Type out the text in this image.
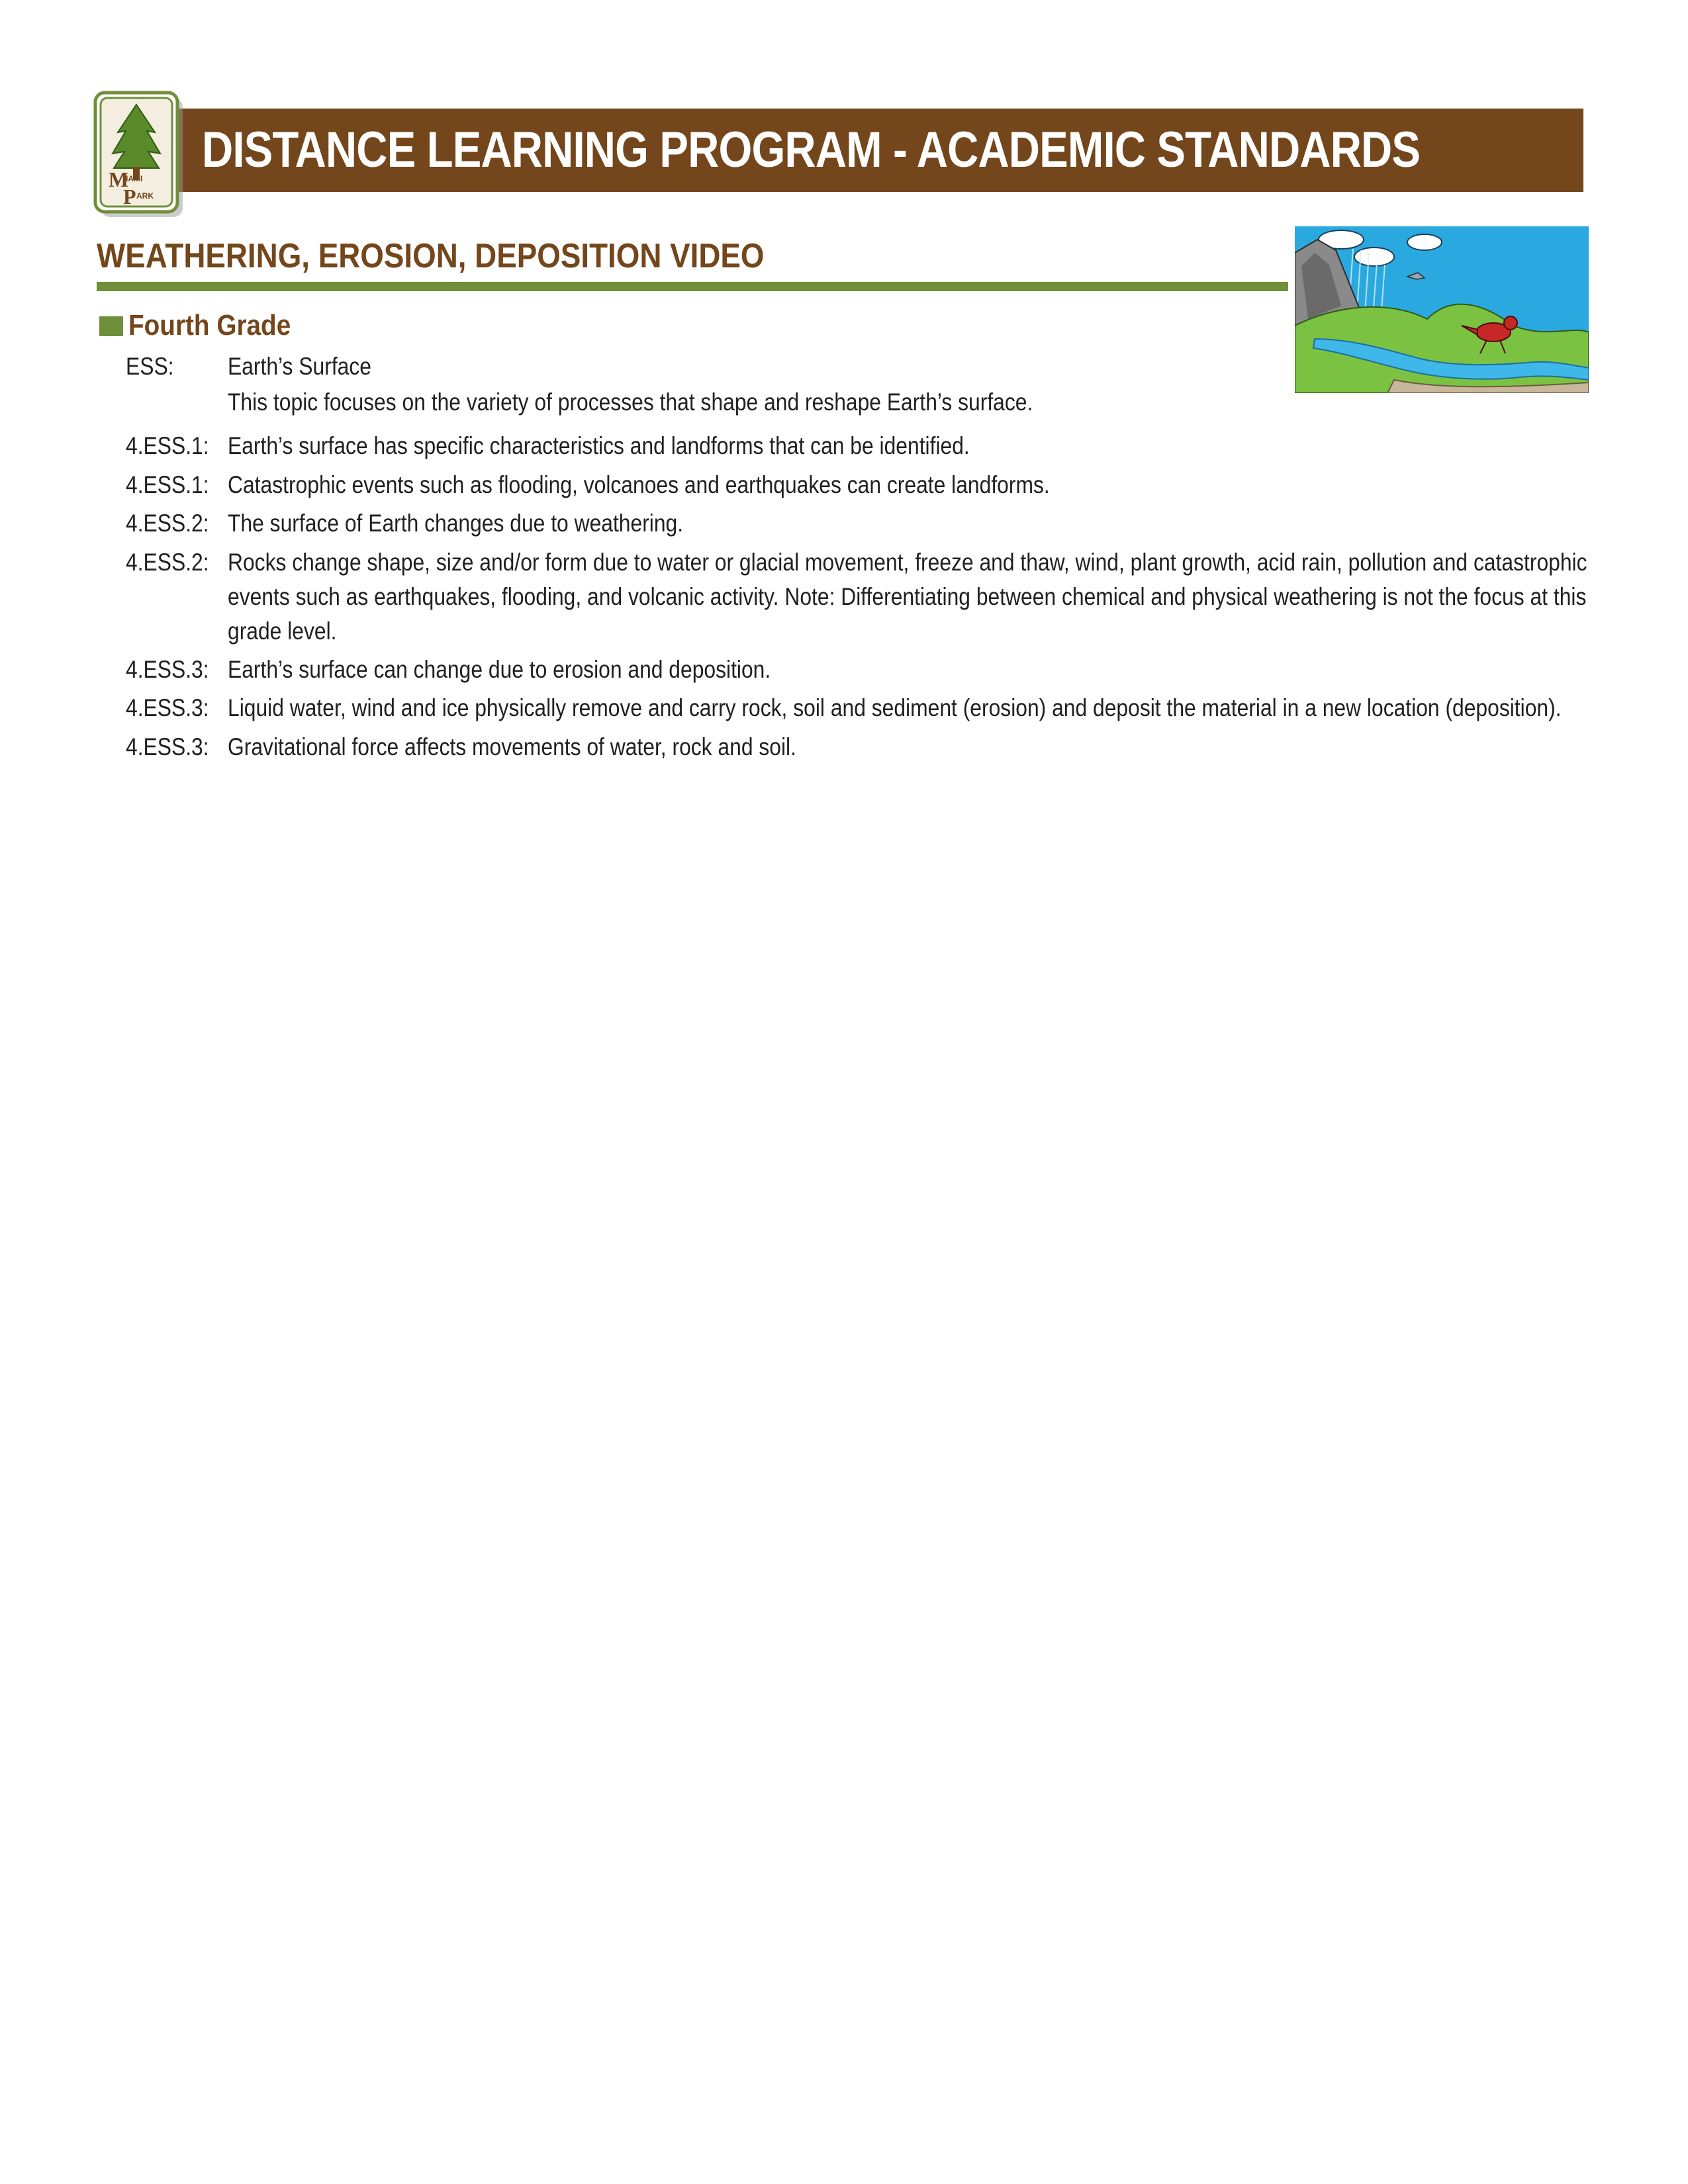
DISTANCE LEARNING PROGRAM - ACADEMIC STANDARDS
M
IAMI
P ARK
WEATHERING, EROSION, DEPOSITION VIDEO
Fourth Grade
ESS: Earth’s Surface
This topic focuses on the variety of processes that shape and reshape Earth’s surface.
4.ESS.1: Earth’s surface has specific characteristics and landforms that can be identified.
4.ESS.1: Catastrophic events such as flooding, volcanoes and earthquakes can create landforms.
4.ESS.2: The surface of Earth changes due to weathering.
4.ESS.2: Rocks change shape, size and/or form due to water or glacial movement, freeze and thaw, wind, plant growth, acid rain, pollution and catastrophic
events such as earthquakes, flooding, and volcanic activity. Note: Differentiating between chemical and physical weathering is not the focus at this
grade level.
4.ESS.3: Earth’s surface can change due to erosion and deposition.
4.ESS.3: Liquid water, wind and ice physically remove and carry rock, soil and sediment (erosion) and deposit the material in a new location (deposition).
4.ESS.3: Gravitational force affects movements of water, rock and soil.
